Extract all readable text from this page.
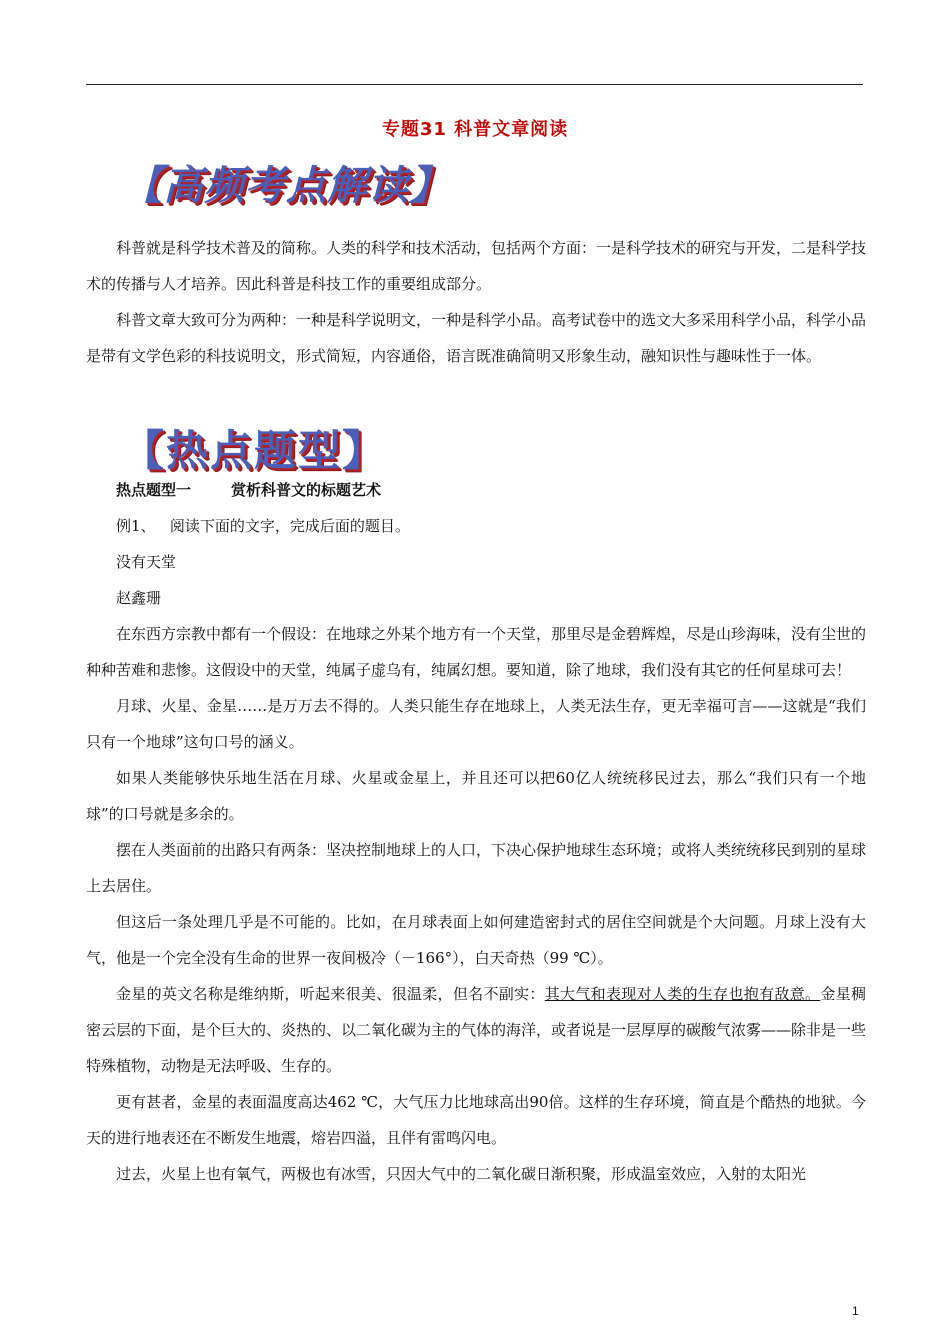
专题31 科普文章阅读
【高频考点解读】

科普就是科学技术普及的简称。人类的科学和技术活动，包括两个方面：一是科学技术的研究与开发，二是科学技术的传播与人才培养。因此科普是科技工作的重要组成部分。

科普文章大致可分为两种：一种是科学说明文，一种是科学小品。高考试卷中的选文大多采用科学小品，科学小品是带有文学色彩的科技说明文，形式简短，内容通俗，语言既准确简明又形象生动，融知识性与趣味性于一体。

【热点题型】

热点题型一	赏析科普文的标题艺术

例1、 阅读下面的文字，完成后面的题目。

没有天堂

赵鑫珊

在东西方宗教中都有一个假设：在地球之外某个地方有一个天堂，那里尽是金碧辉煌，尽是山珍海味，没有尘世的种种苦难和悲惨。这假设中的天堂，纯属子虚乌有，纯属幻想。要知道，除了地球，我们没有其它的任何星球可去！

月球、火星、金星……是万万去不得的。人类只能生存在地球上，人类无法生存，更无幸福可言——这就是“我们只有一个地球”这句口号的涵义。

如果人类能够快乐地生活在月球、火星或金星上，并且还可以把60亿人统统移民过去，那么“我们只有一个地球”的口号就是多余的。

摆在人类面前的出路只有两条：坚决控制地球上的人口，下决心保护地球生态环境；或将人类统统移民到别的星球上去居住。

但这后一条处理几乎是不可能的。比如，在月球表面上如何建造密封式的居住空间就是个大问题。月球上没有大气，他是一个完全没有生命的世界一夜间极冷（－166°），白天奇热（99 ℃）。

金星的英文名称是维纳斯，听起来很美、很温柔，但名不副实：其大气和表现对人类的生存也抱有敌意。金星稠密云层的下面，是个巨大的、炎热的、以二氧化碳为主的气体的海洋，或者说是一层厚厚的碳酸气浓雾——除非是一些特殊植物，动物是无法呼吸、生存的。

更有甚者，金星的表面温度高达462 ℃，大气压力比地球高出90倍。这样的生存环境，简直是个酷热的地狱。今天的进行地表还在不断发生地震，熔岩四溢，且伴有雷鸣闪电。

过去，火星上也有氧气，两极也有冰雪，只因大气中的二氧化碳日渐积聚，形成温室效应，入射的太阳光

1
